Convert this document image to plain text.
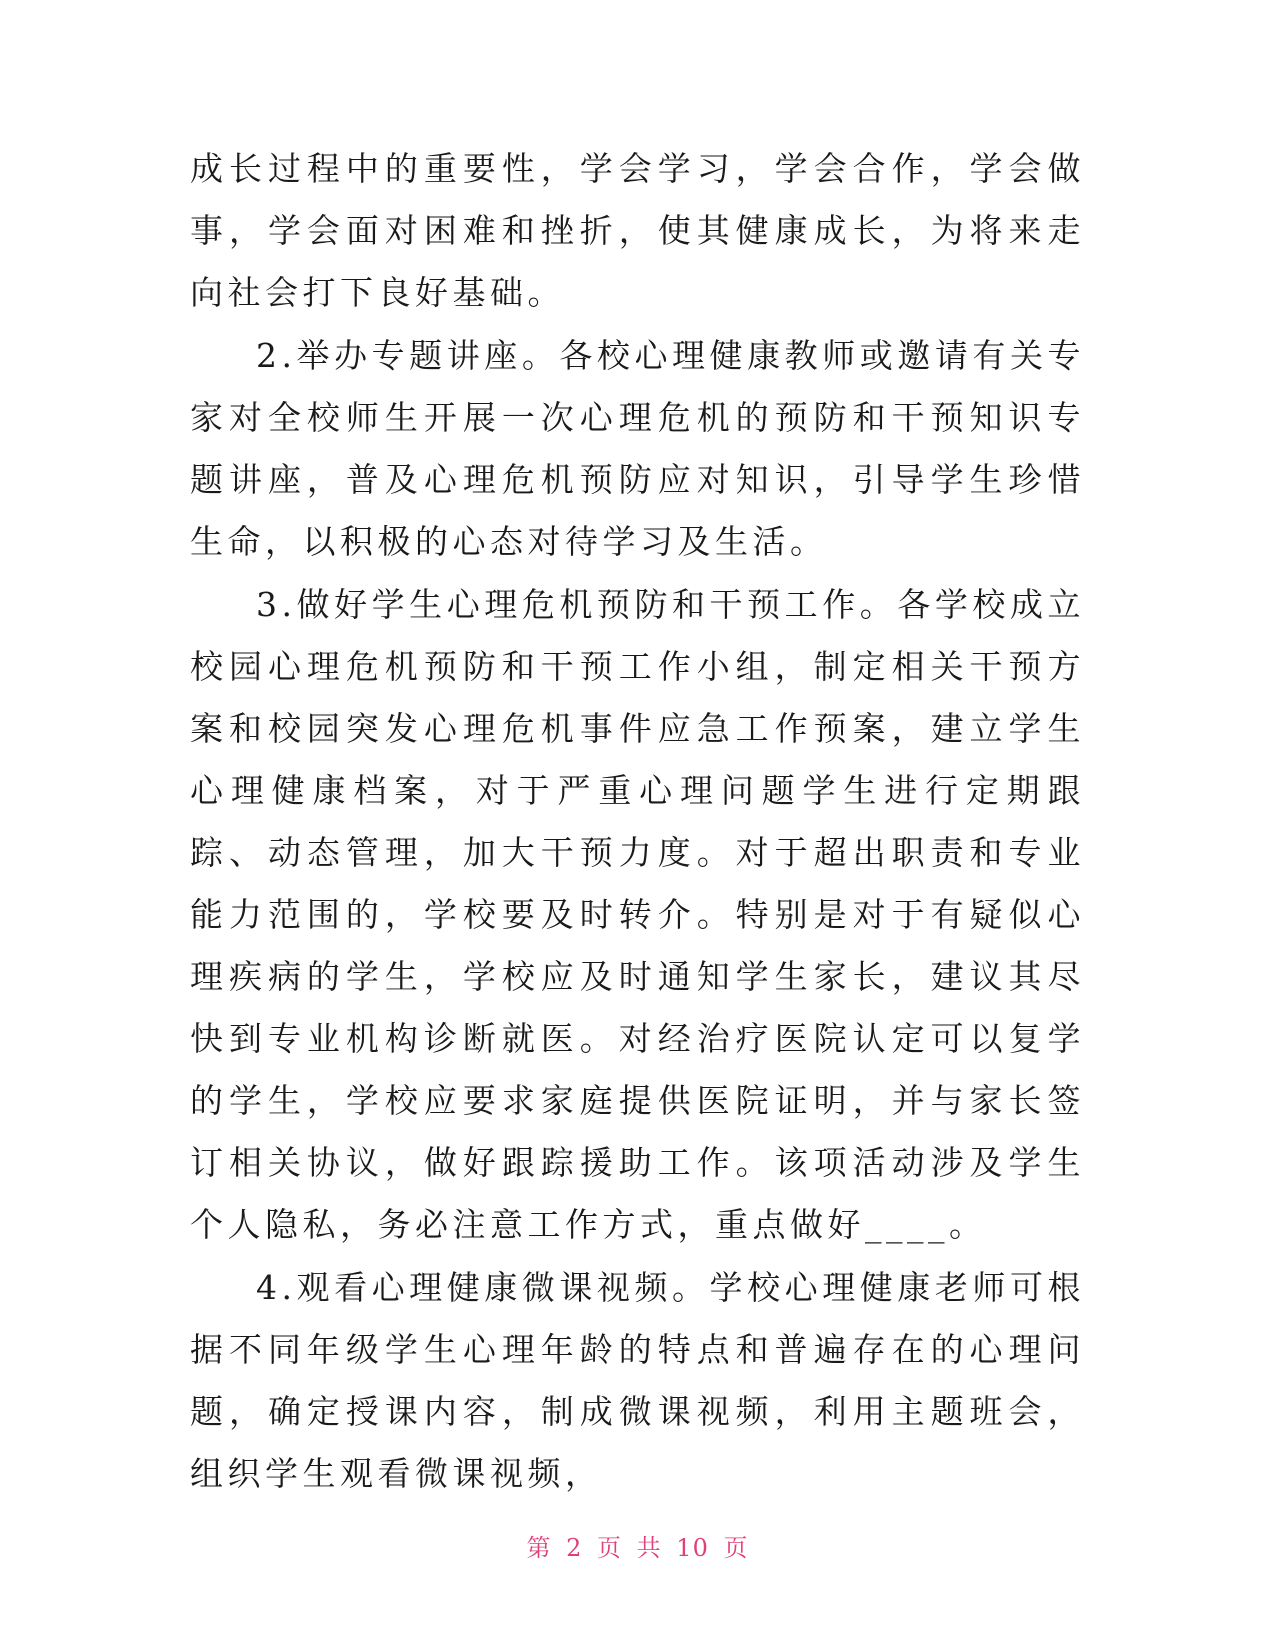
成长过程中的重要性，学会学习，学会合作，学会做事，学会面对困难和挫折，使其健康成长，为将来走向社会打下良好基础。

2.举办专题讲座。各校心理健康教师或邀请有关专家对全校师生开展一次心理危机的预防和干预知识专题讲座，普及心理危机预防应对知识，引导学生珍惜生命，以积极的心态对待学习及生活。

3.做好学生心理危机预防和干预工作。各学校成立校园心理危机预防和干预工作小组，制定相关干预方案和校园突发心理危机事件应急工作预案，建立学生心理健康档案，对于严重心理问题学生进行定期跟踪、动态管理，加大干预力度。对于超出职责和专业能力范围的，学校要及时转介。特别是对于有疑似心理疾病的学生，学校应及时通知学生家长，建议其尽快到专业机构诊断就医。对经治疗医院认定可以复学的学生，学校应要求家庭提供医院证明，并与家长签订相关协议，做好跟踪援助工作。该项活动涉及学生个人隐私，务必注意工作方式，重点做好____。

4.观看心理健康微课视频。学校心理健康老师可根据不同年级学生心理年龄的特点和普遍存在的心理问题，确定授课内容，制成微课视频，利用主题班会，组织学生观看微课视频，

第 2 页 共 10 页
